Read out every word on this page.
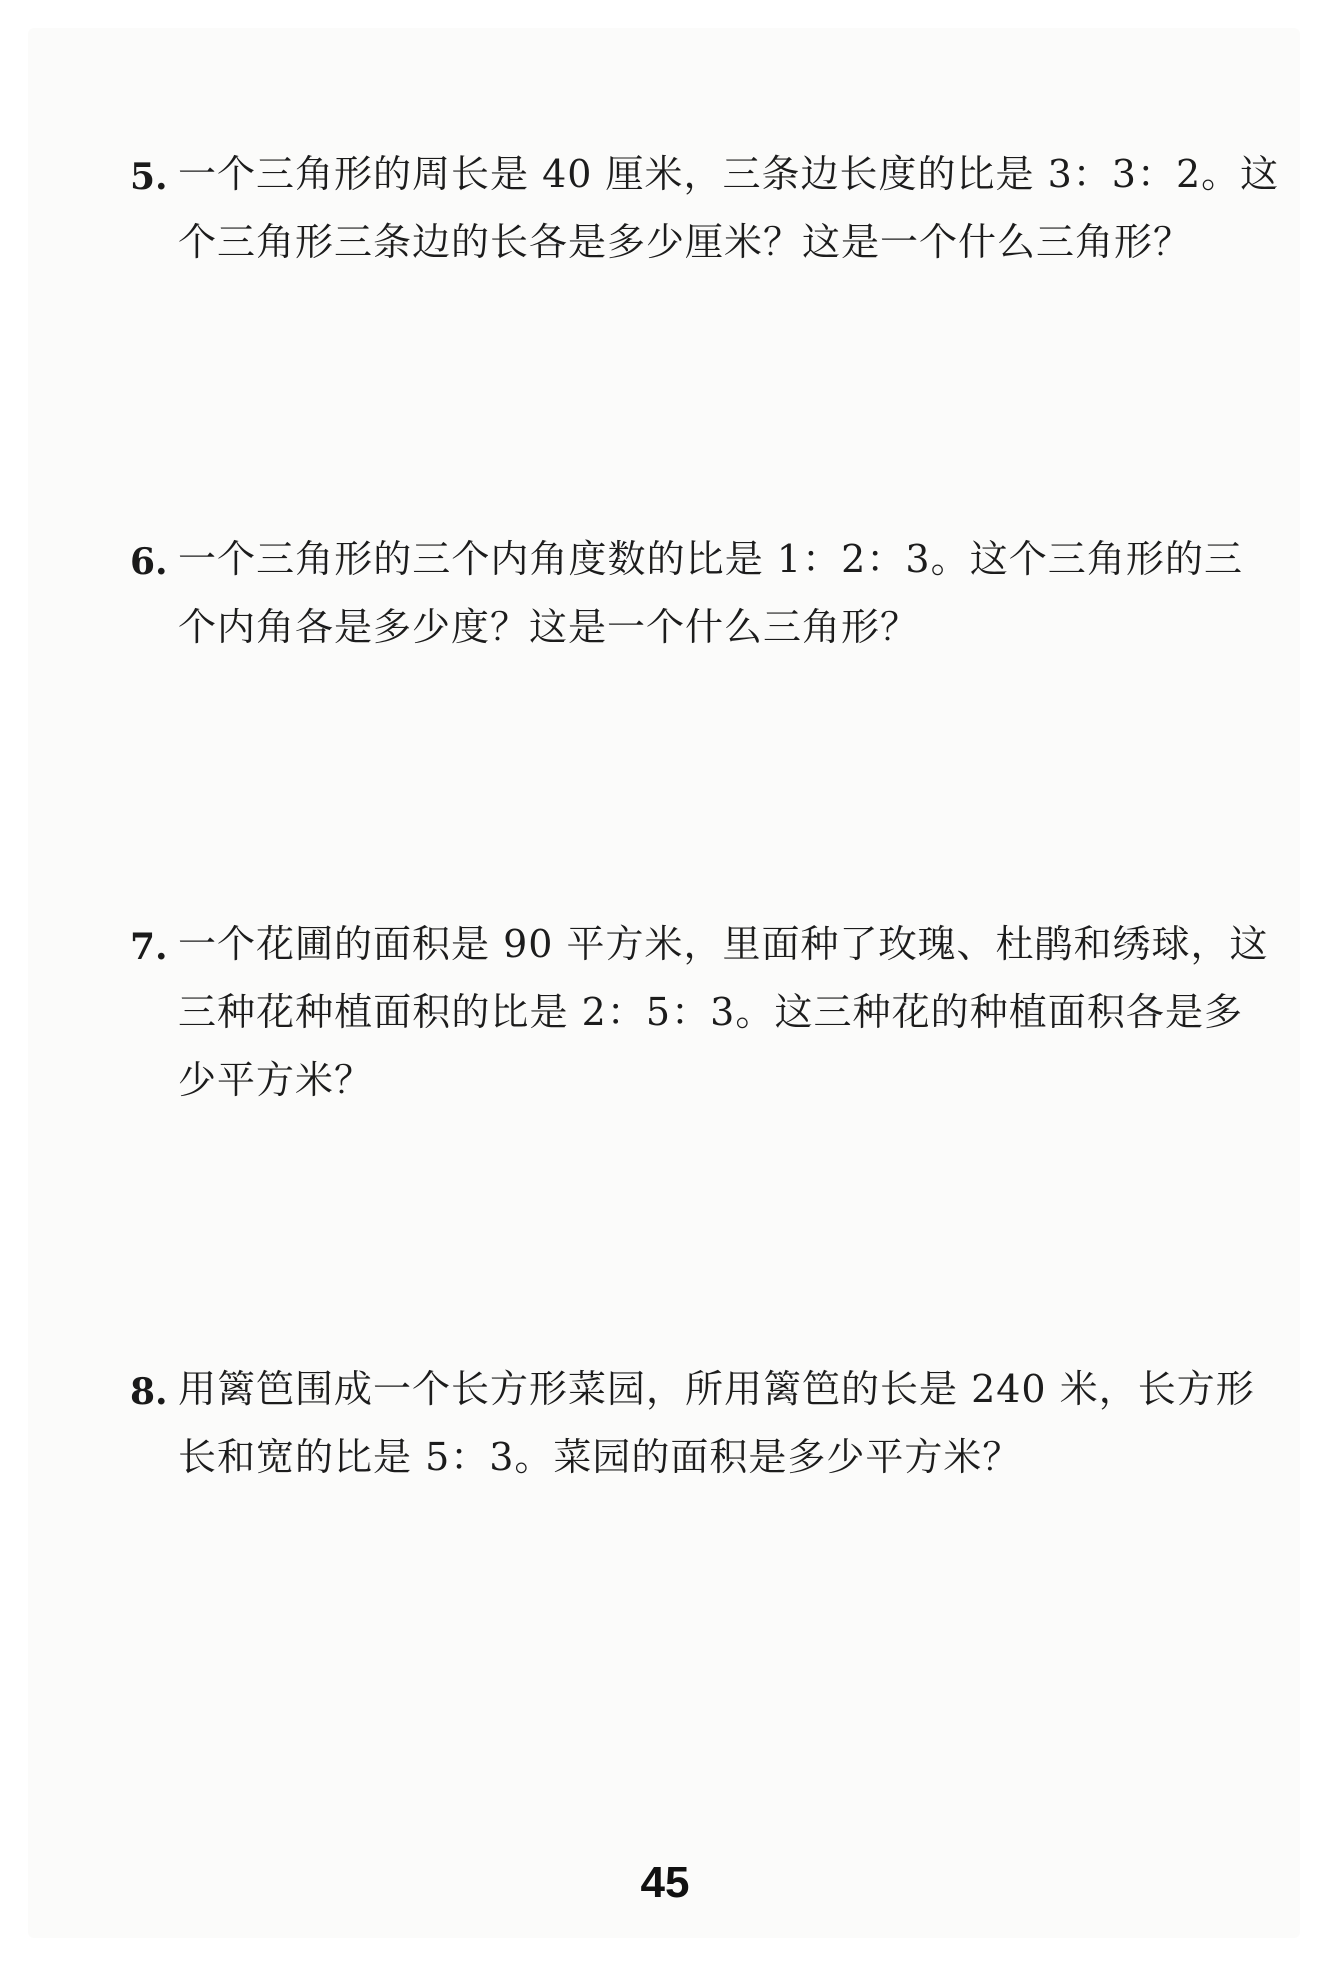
5. 一个三角形的周长是 40 厘米，三条边长度的比是 3：3：2。这
个三角形三条边的长各是多少厘米？这是一个什么三角形？
6. 一个三角形的三个内角度数的比是 1：2：3。这个三角形的三
个内角各是多少度？这是一个什么三角形？
7. 一个花圃的面积是 90 平方米，里面种了玫瑰、杜鹃和绣球，这
三种花种植面积的比是 2：5：3。这三种花的种植面积各是多
少平方米？
8. 用篱笆围成一个长方形菜园，所用篱笆的长是 240 米，长方形
长和宽的比是 5：3。菜园的面积是多少平方米？
45
